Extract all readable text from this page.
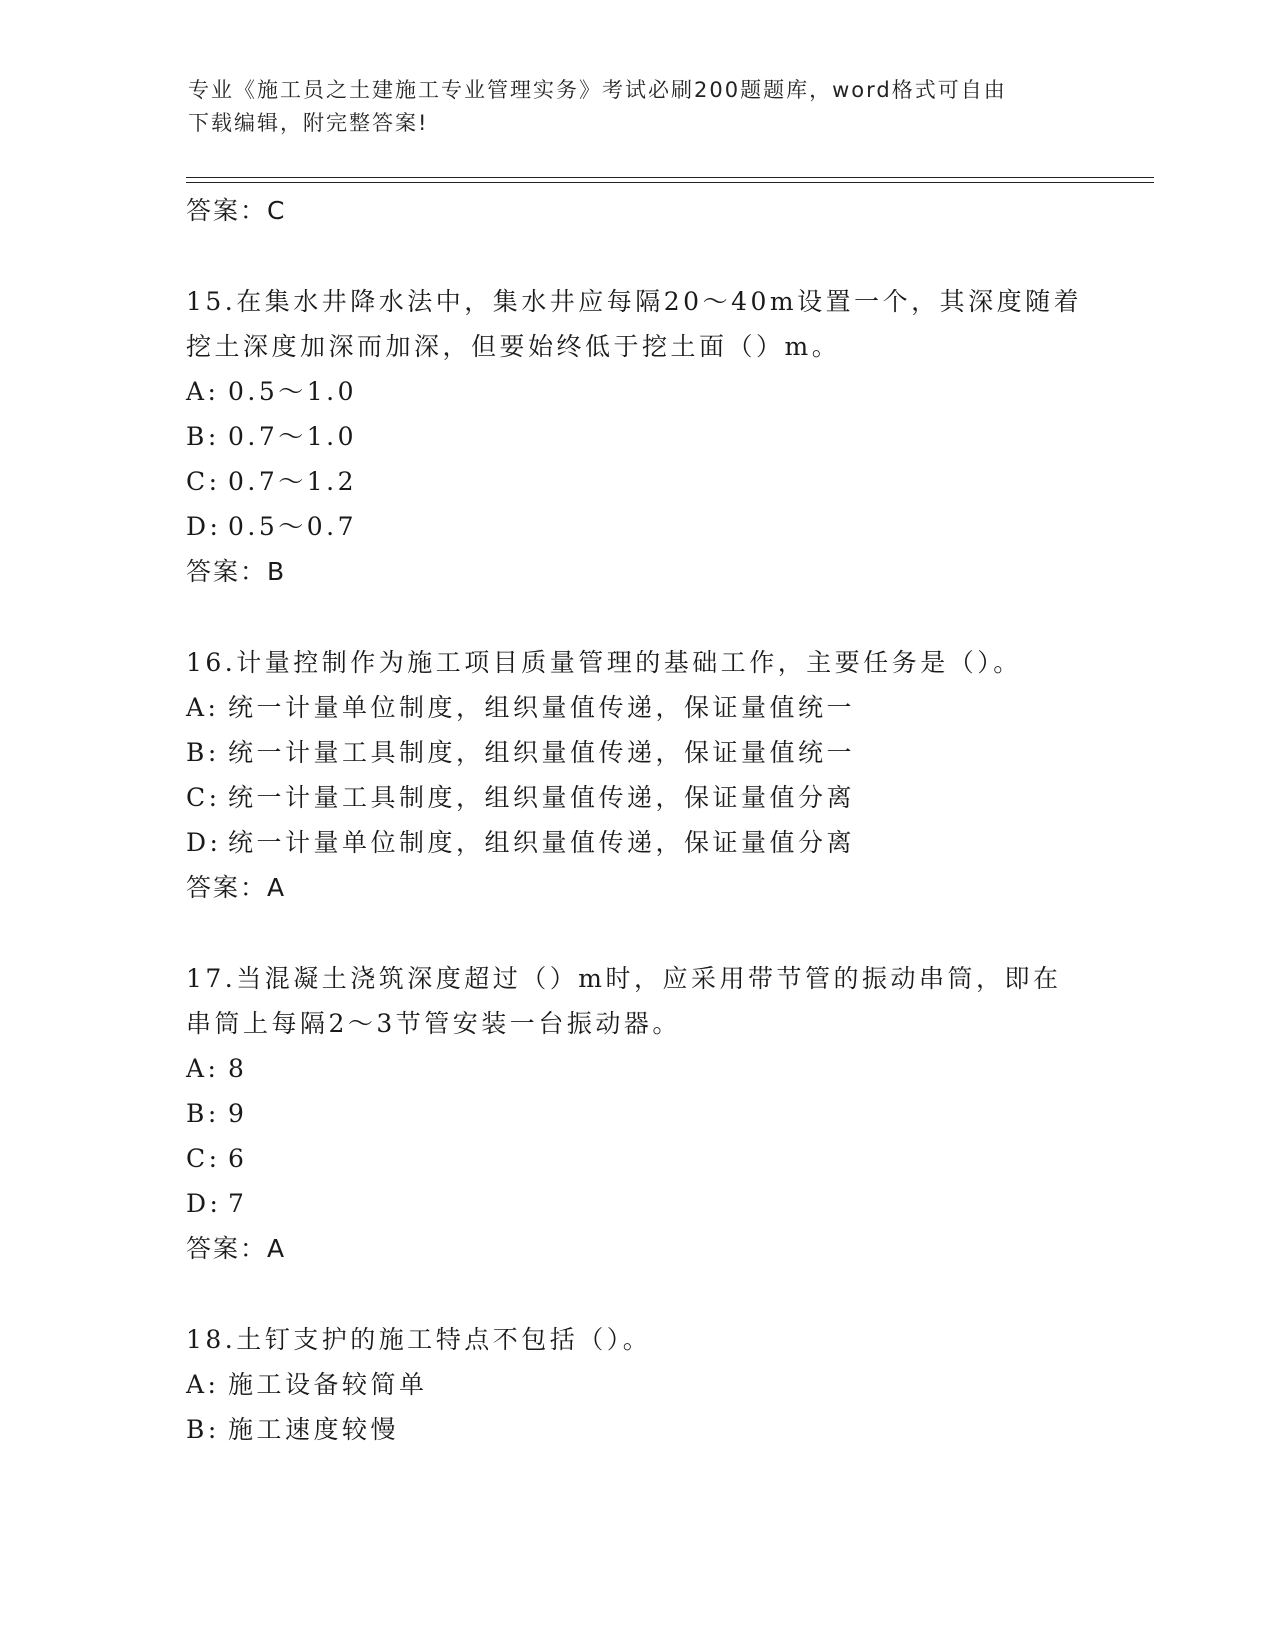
专业《施工员之土建施工专业管理实务》考试必刷200题题库，word格式可自由
下载编辑，附完整答案!
答案：C
15.在集水井降水法中，集水井应每隔20～40m设置一个，其深度随着
挖土深度加深而加深，但要始终低于挖土面（）m。
A: 0.5～1.0
B: 0.7～1.0
C: 0.7～1.2
D: 0.5～0.7
答案：B
16.计量控制作为施工项目质量管理的基础工作，主要任务是（）。
A: 统一计量单位制度，组织量值传递，保证量值统一
B: 统一计量工具制度，组织量值传递，保证量值统一
C: 统一计量工具制度，组织量值传递，保证量值分离
D: 统一计量单位制度，组织量值传递，保证量值分离
答案：A
17.当混凝土浇筑深度超过（）m时，应采用带节管的振动串筒，即在
串筒上每隔2～3节管安装一台振动器。
A: 8
B: 9
C: 6
D: 7
答案：A
18.土钉支护的施工特点不包括（）。
A: 施工设备较简单
B: 施工速度较慢
